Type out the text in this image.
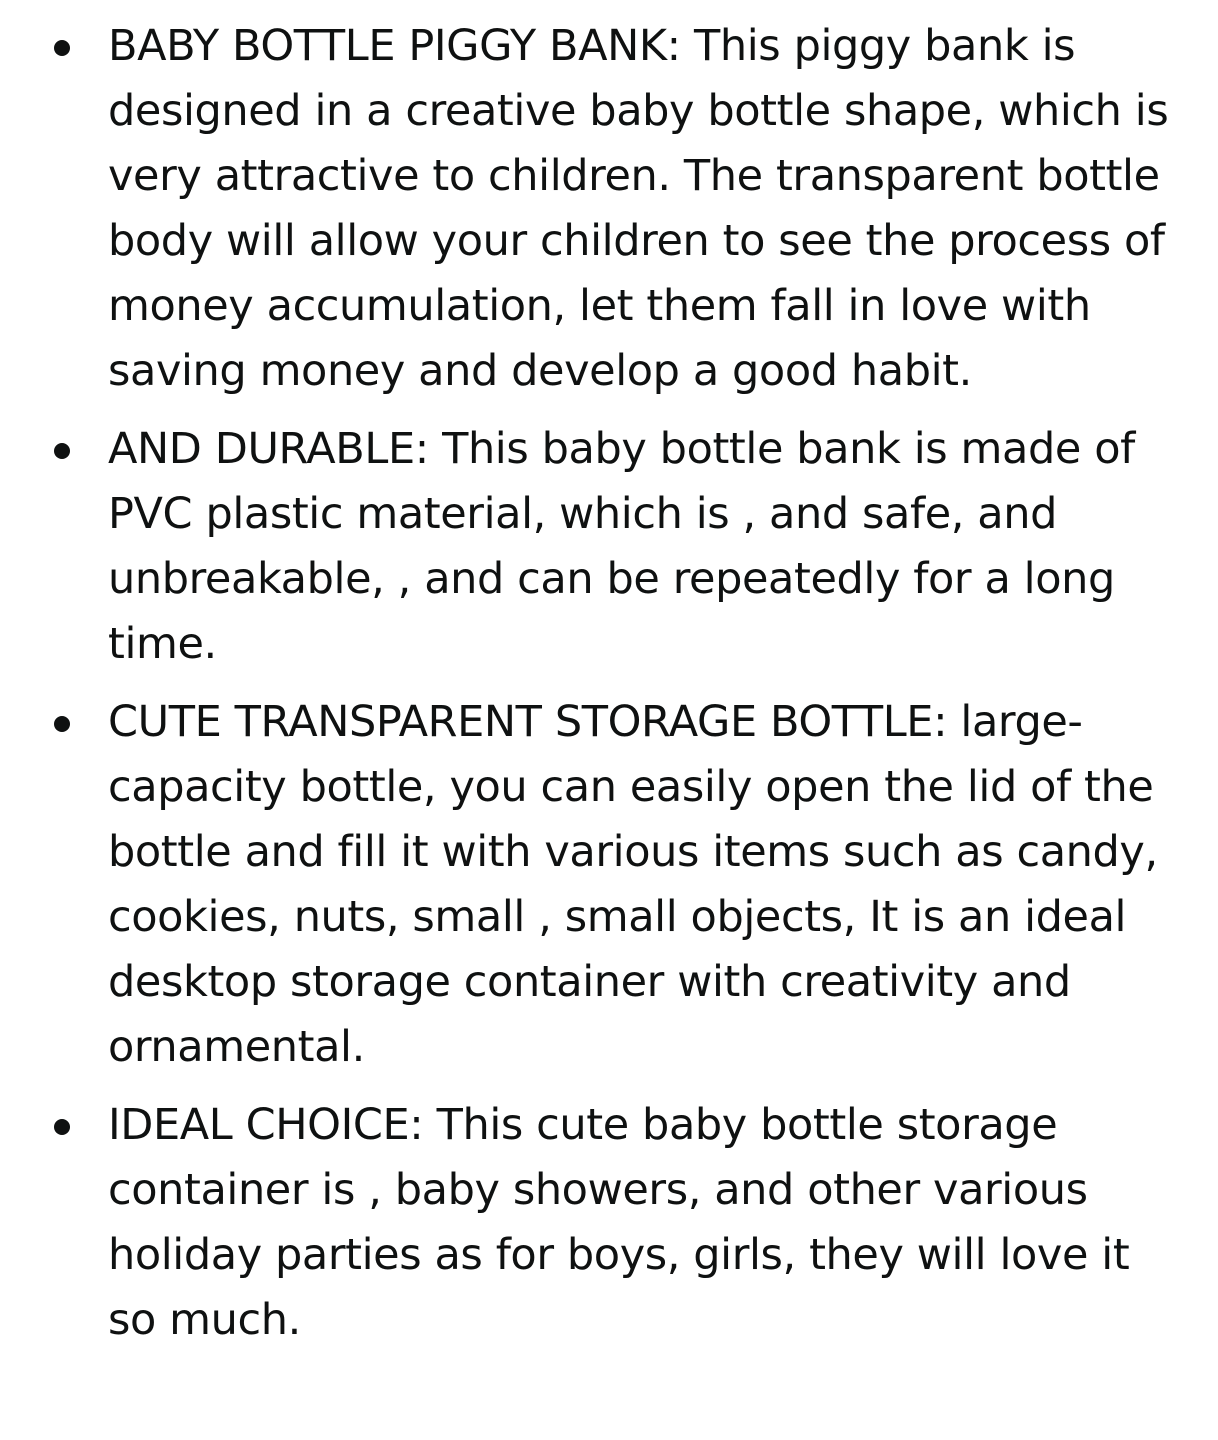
BABY BOTTLE PIGGY BANK: This piggy bank is designed in a creative baby bottle shape, which is very attractive to children. The transparent bottle body will allow your children to see the process of money accumulation, let them fall in love with saving money and develop a good habit.
AND DURABLE: This baby bottle bank is made of PVC plastic material, which is , and safe, and unbreakable, , and can be repeatedly for a long time.
CUTE TRANSPARENT STORAGE BOTTLE: large-capacity bottle, you can easily open the lid of the bottle and fill it with various items such as candy, cookies, nuts, small , small objects, It is an ideal desktop storage container with creativity and ornamental.
IDEAL CHOICE: This cute baby bottle storage container is , baby showers, and other various holiday parties as for boys, girls, they will love it so much.
